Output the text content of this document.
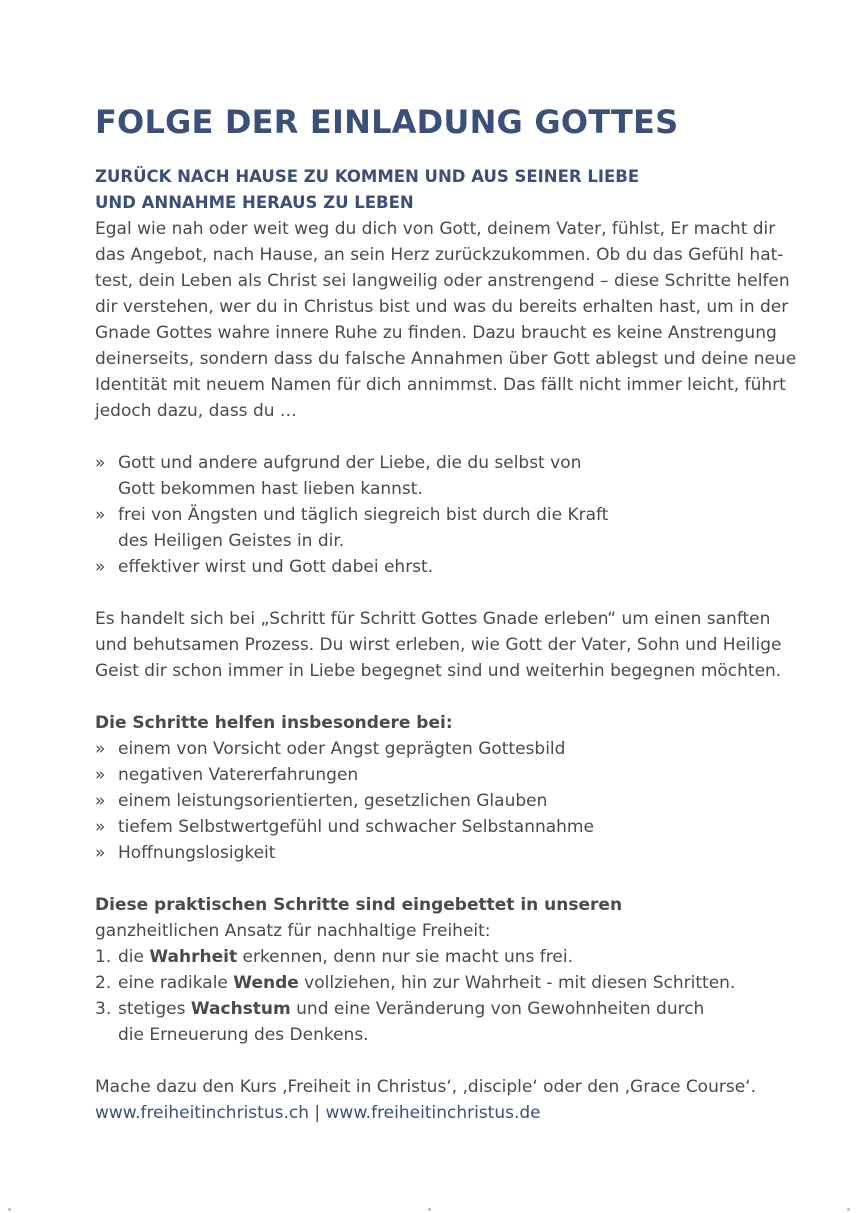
FOLGE DER EINLADUNG GOTTES
ZURÜCK NACH HAUSE ZU KOMMEN UND AUS SEINER LIEBE
UND ANNAHME HERAUS ZU LEBEN
Egal wie nah oder weit weg du dich von Gott, deinem Vater, fühlst, Er macht dir
das Angebot, nach Hause, an sein Herz zurückzukommen. Ob du das Gefühl hat-
test, dein Leben als Christ sei langweilig oder anstrengend – diese Schritte helfen
dir verstehen, wer du in Christus bist und was du bereits erhalten hast, um in der
Gnade Gottes wahre innere Ruhe zu finden. Dazu braucht es keine Anstrengung
deinerseits, sondern dass du falsche Annahmen über Gott ablegst und deine neue
Identität mit neuem Namen für dich annimmst. Das fällt nicht immer leicht, führt
jedoch dazu, dass du …
» Gott und andere aufgrund der Liebe, die du selbst von
Gott bekommen hast lieben kannst.
» frei von Ängsten und täglich siegreich bist durch die Kraft
des Heiligen Geistes in dir.
» effektiver wirst und Gott dabei ehrst.
Es handelt sich bei „Schritt für Schritt Gottes Gnade erleben“ um einen sanften
und behutsamen Prozess. Du wirst erleben, wie Gott der Vater, Sohn und Heilige
Geist dir schon immer in Liebe begegnet sind und weiterhin begegnen möchten.
Die Schritte helfen insbesondere bei:
» einem von Vorsicht oder Angst geprägten Gottesbild
» negativen Vatererfahrungen
» einem leistungsorientierten, gesetzlichen Glauben
» tiefem Selbstwertgefühl und schwacher Selbstannahme
» Hoffnungslosigkeit
Diese praktischen Schritte sind eingebettet in unseren
ganzheitlichen Ansatz für nachhaltige Freiheit:
1. die Wahrheit erkennen, denn nur sie macht uns frei.
2. eine radikale Wende vollziehen, hin zur Wahrheit - mit diesen Schritten.
3. stetiges Wachstum und eine Veränderung von Gewohnheiten durch
die Erneuerung des Denkens.
Mache dazu den Kurs ‚Freiheit in Christus‘, ‚disciple‘ oder den ‚Grace Course‘.
www.freiheitinchristus.ch | www.freiheitinchristus.de
